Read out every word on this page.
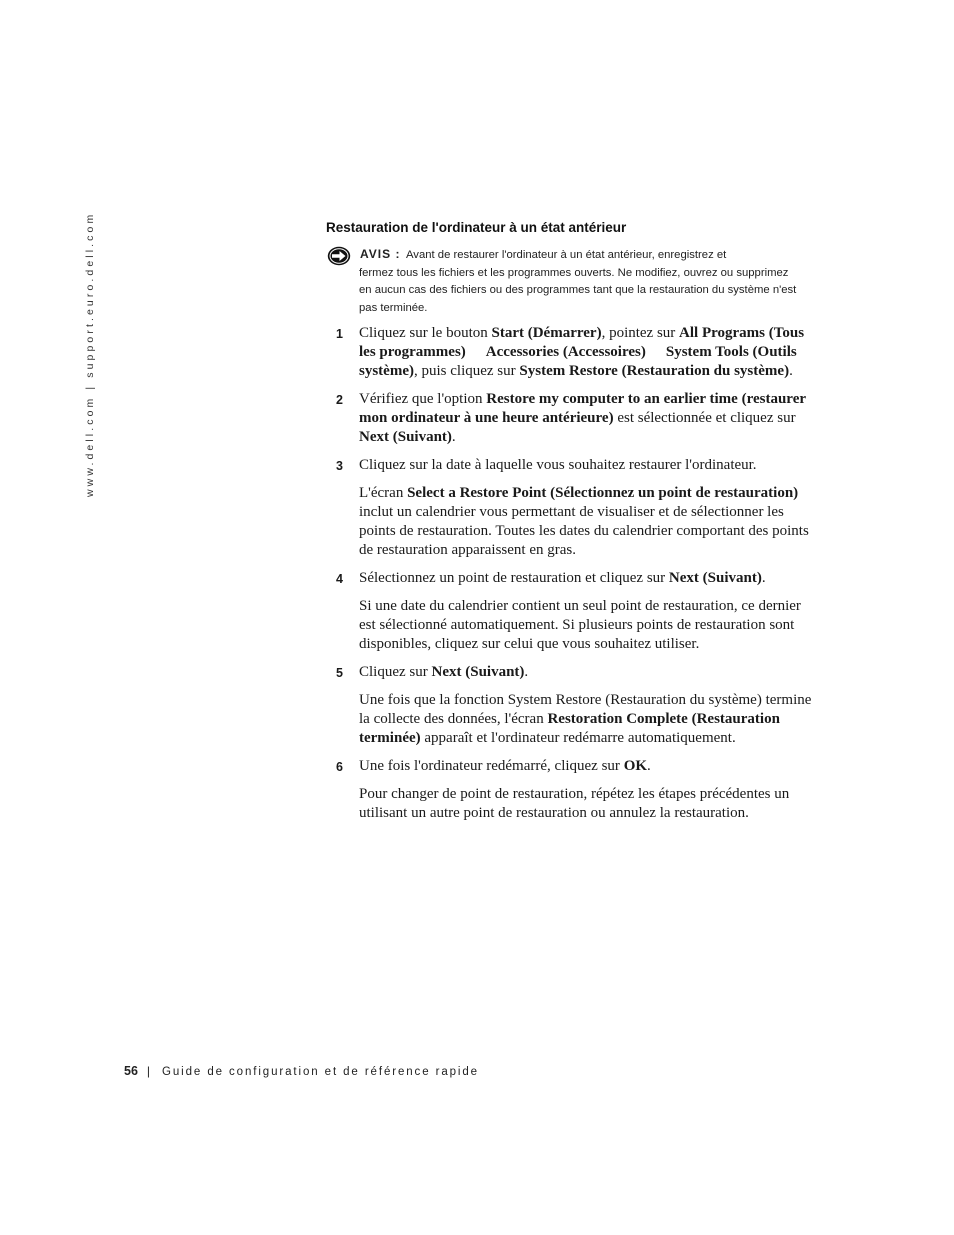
www.dell.com | support.euro.dell.com	Restauration de l'ordinateur à un état antérieur

AVIS : Avant de restaurer l'ordinateur à un état antérieur, enregistrez et
fermez tous les fichiers et les programmes ouverts. Ne modifiez, ouvrez ou supprimez en aucun cas des fichiers ou des programmes tant que la restauration du système n'est pas terminée.

1 Cliquez sur le bouton Start (Démarrer), pointez sur All Programs (Tous les programmes) Accessories (Accessoires) System Tools (Outils système), puis cliquez sur System Restore (Restauration du système).

2 Vérifiez que l'option Restore my computer to an earlier time (restaurer mon ordinateur à une heure antérieure) est sélectionnée et cliquez sur Next (Suivant).

3 Cliquez sur la date à laquelle vous souhaitez restaurer l'ordinateur.

L'écran Select a Restore Point (Sélectionnez un point de restauration) inclut un calendrier vous permettant de visualiser et de sélectionner les points de restauration. Toutes les dates du calendrier comportant des points de restauration apparaissent en gras.

4 Sélectionnez un point de restauration et cliquez sur Next (Suivant).

Si une date du calendrier contient un seul point de restauration, ce dernier est sélectionné automatiquement. Si plusieurs points de restauration sont disponibles, cliquez sur celui que vous souhaitez utiliser.

5 Cliquez sur Next (Suivant).

Une fois que la fonction System Restore (Restauration du système) termine la collecte des données, l'écran Restoration Complete (Restauration terminée) apparaît et l'ordinateur redémarre automatiquement.

6 Une fois l'ordinateur redémarré, cliquez sur OK.

Pour changer de point de restauration, répétez les étapes précédentes un utilisant un autre point de restauration ou annulez la restauration.

56 | Guide de configuration et de référence rapide
